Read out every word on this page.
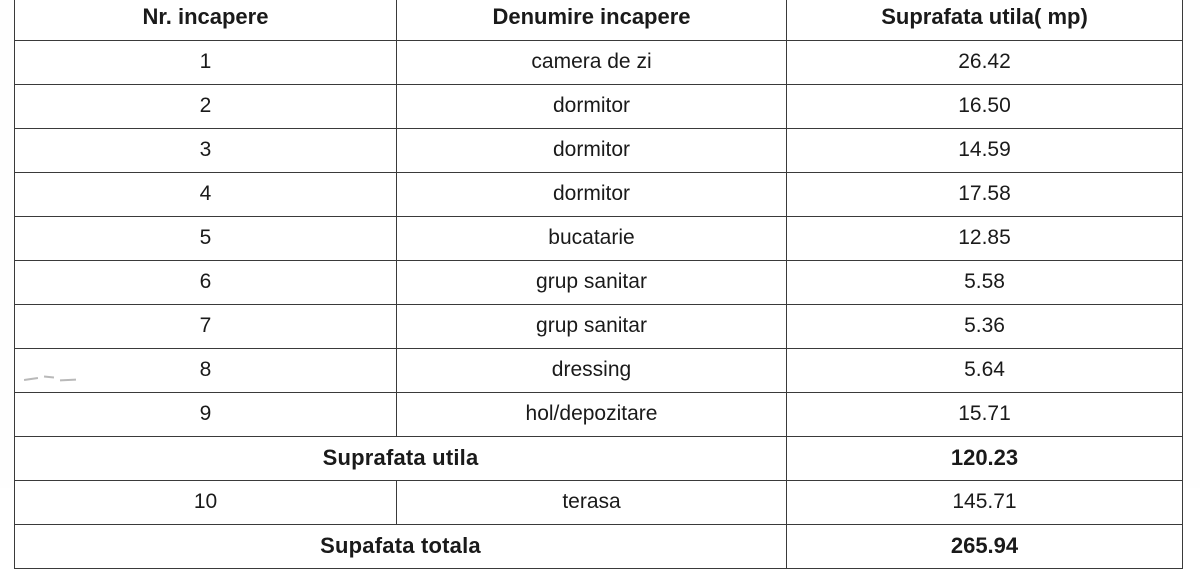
Nr. incapere	Denumire incapere	Suprafata utila( mp)
1	camera de zi	26.42
2	dormitor	16.50
3	dormitor	14.59
4	dormitor	17.58
5	bucatarie	12.85
6	grup sanitar	5.58
7	grup sanitar	5.36
8	dressing	5.64
9	hol/depozitare	15.71
Suprafata utila		120.23
10	terasa	145.71
Supafata totala		265.94
